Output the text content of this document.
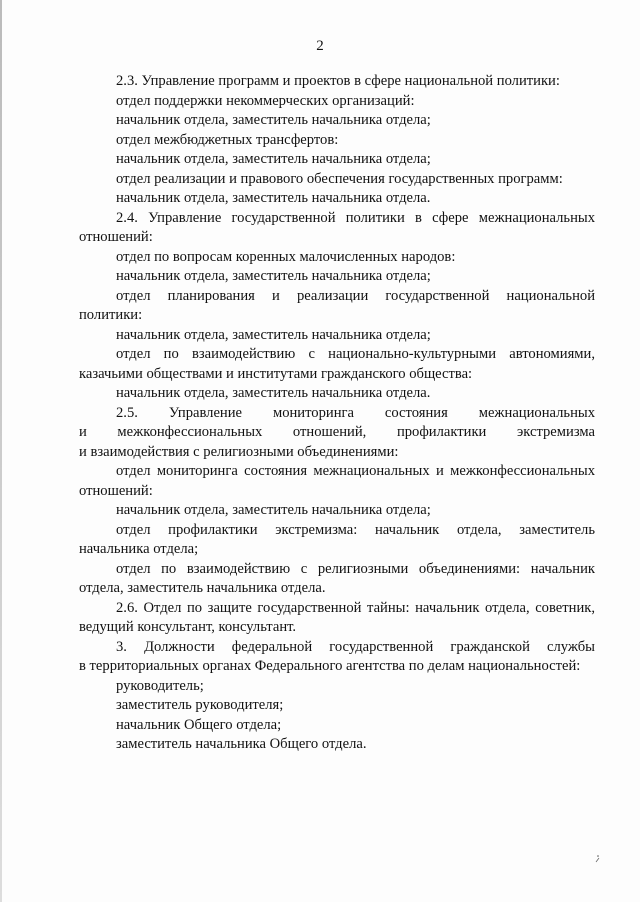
2

2.3. Управление программ и проектов в сфере национальной политики:

отдел поддержки некоммерческих организаций:

начальник отдела, заместитель начальника отдела;

отдел межбюджетных трансфертов:

начальник отдела, заместитель начальника отдела;

отдел реализации и правового обеспечения государственных программ:

начальник отдела, заместитель начальника отдела.

2.4. Управление государственной политики в сфере межнациональных
отношений:

отдел по вопросам коренных малочисленных народов:

начальник отдела, заместитель начальника отдела;

отдел планирования и реализации государственной национальной
политики:

начальник отдела, заместитель начальника отдела;

отдел по взаимодействию с национально-культурными автономиями,
казачьими обществами и институтами гражданского общества:

начальник отдела, заместитель начальника отдела.

2.5. Управление мониторинга состояния межнациональных
и межконфессиональных отношений, профилактики экстремизма
и взаимодействия с религиозными объединениями:

отдел мониторинга состояния межнациональных и межконфессиональных
отношений:

начальник отдела, заместитель начальника отдела;

отдел профилактики экстремизма: начальник отдела, заместитель
начальника отдела;

отдел по взаимодействию с религиозными объединениями: начальник
отдела, заместитель начальника отдела.

2.6. Отдел по защите государственной тайны: начальник отдела, советник,
ведущий консультант, консультант.

3. Должности федеральной государственной гражданской службы
в территориальных органах Федерального агентства по делам национальностей:

руководитель;

заместитель руководителя;

начальник Общего отдела;

заместитель начальника Общего отдела.
